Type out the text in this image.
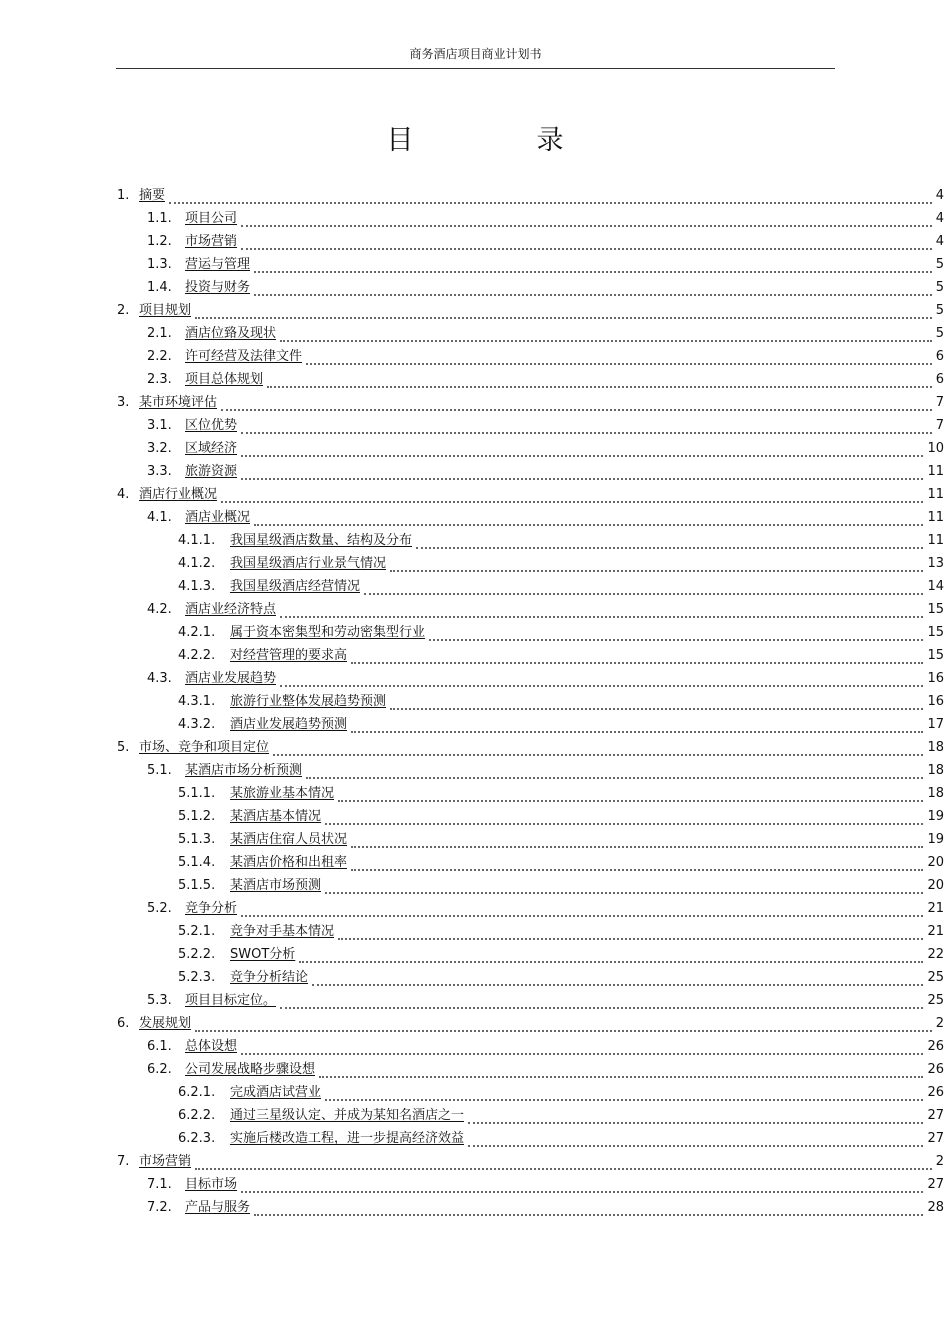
商务酒店项目商业计划书
目　录
1. 摘要	4
1.1. 项目公司	4
1.2. 市场营销	4
1.3. 营运与管理	5
1.4. 投资与财务	5
2. 项目规划	5
2.1. 酒店位臵及现状	5
2.2. 许可经营及法律文件	6
2.3. 项目总体规划	6
3. 某市环境评估	7
3.1. 区位优势	7
3.2. 区域经济	10
3.3. 旅游资源	11
4. 酒店行业概况	11
4.1. 酒店业概况	11
4.1.1. 我国星级酒店数量、结构及分布	11
4.1.2. 我国星级酒店行业景气情况	13
4.1.3. 我国星级酒店经营情况	14
4.2. 酒店业经济特点	15
4.2.1. 属于资本密集型和劳动密集型行业	15
4.2.2. 对经营管理的要求高	15
4.3. 酒店业发展趋势	16
4.3.1. 旅游行业整体发展趋势预测	16
4.3.2. 酒店业发展趋势预测	17
5. 市场、竞争和项目定位	18
5.1. 某酒店市场分析预测	18
5.1.1. 某旅游业基本情况	18
5.1.2. 某酒店基本情况	19
5.1.3. 某酒店住宿人员状况	19
5.1.4. 某酒店价格和出租率	20
5.1.5. 某酒店市场预测	20
5.2. 竞争分析	21
5.2.1. 竞争对手基本情况	21
5.2.2. SWOT分析	22
5.2.3. 竞争分析结论	25
5.3. 项目目标定位。	25
6. 发展规划	2
6.1. 总体设想	26
6.2. 公司发展战略步骤设想	26
6.2.1. 完成酒店试营业	26
6.2.2. 通过三星级认定、并成为某知名酒店之一	27
6.2.3. 实施后楼改造工程，进一步提高经济效益	27
7. 市场营销	2
7.1. 目标市场	27
7.2. 产品与服务	28
